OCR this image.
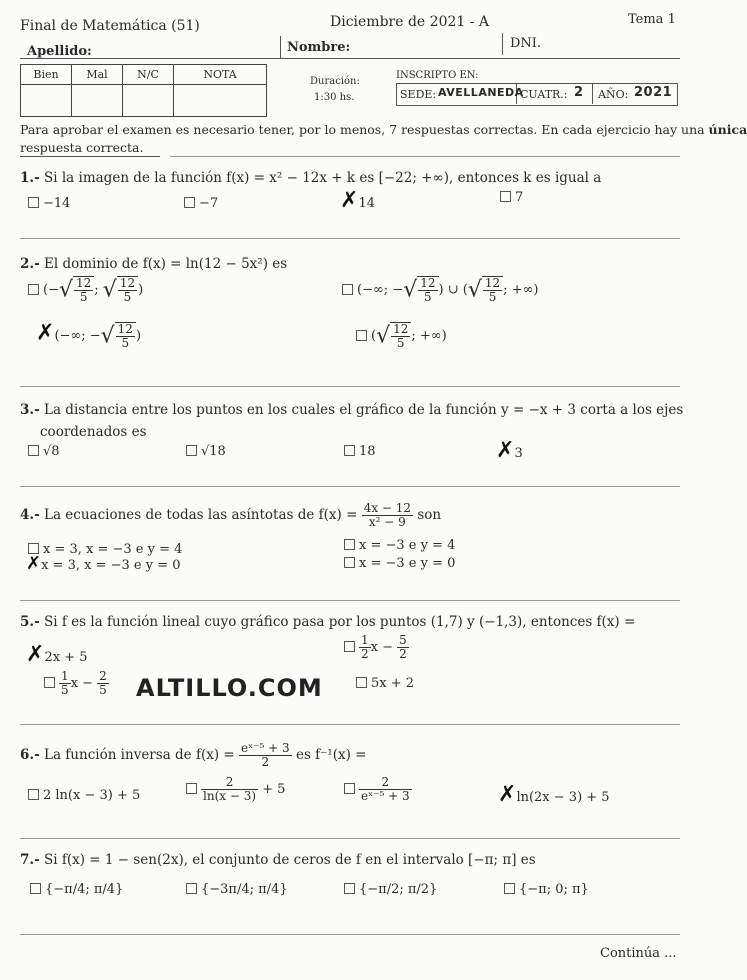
Final de Matemática (51)	Diciembre de 2021 - A	Tema 1
Apellido:	Nombre:	DNI.
Bien	Mal	N/C	NOTA

Duración:
1:30 hs.
INSCRIPTO EN:
SEDE: AVELLANEDA
CUATR.: 2 AÑO: 2021
Para aprobar el examen es necesario tener, por lo menos, 7 respuestas correctas. En cada ejercicio hay una única
respuesta correcta.
1.- Si la imagen de la función f(x) = x² − 12x + k es [−22; +∞), entonces k es igual a
−14	−7	✗14	7
2.- El dominio de f(x) = ln(12 − 5x²) es
(−√ $\frac{12}{5}$ ; √ $\frac{12}{5}$ )	(−∞; −√ $\frac{12}{5}$ ) ∪ (√ $\frac{12}{5}$ ; +∞)
✗(−∞; −√ $\frac{12}{5}$ )	(√ $\frac{12}{5}$ ; +∞)
3.- La distancia entre los puntos en los cuales el gráfico de la función y = −x + 3 corta a los ejes
coordenados es
√8	√18	18	✗3
4.- La ecuaciones de todas las asíntotas de $f(x) = \frac{4x - 12}{\text{x² − 9}}$ son
x = 3, x = −3 e y = 4	x = −3 e y = 4
✗x = 3, x = −3 e y = 0	x = −3 e y = 0
5.- Si f es la función lineal cuyo gráfico pasa por los puntos (1,7) y (−1,3), entonces f(x) =
✗2x + 5	$\frac{1}{2}$ $x - \frac{5}{2}$
$\frac{1}{5}$ $x - \frac{2}{5}$ ALTILLO.COM	5x + 2
6.- La función inversa de $f(x) = \frac{\text{eˣ⁻⁵ + 3}}{2}$ es f⁻¹(x) =
2 ln(x − 3) + 5	$\frac{2}{\ln(x - 3)} + 5$	$\frac{2}{\text{eˣ⁻⁵ + 3}}$	✗ln(2x − 3) + 5
7.- Si f(x) = 1 − sen(2x), el conjunto de ceros de f en el intervalo [−π; π] es
{−π/4; π/4}	{−3π/4; π/4}	{−π/2; π/2}	{−π; 0; π}
Continúa ...
